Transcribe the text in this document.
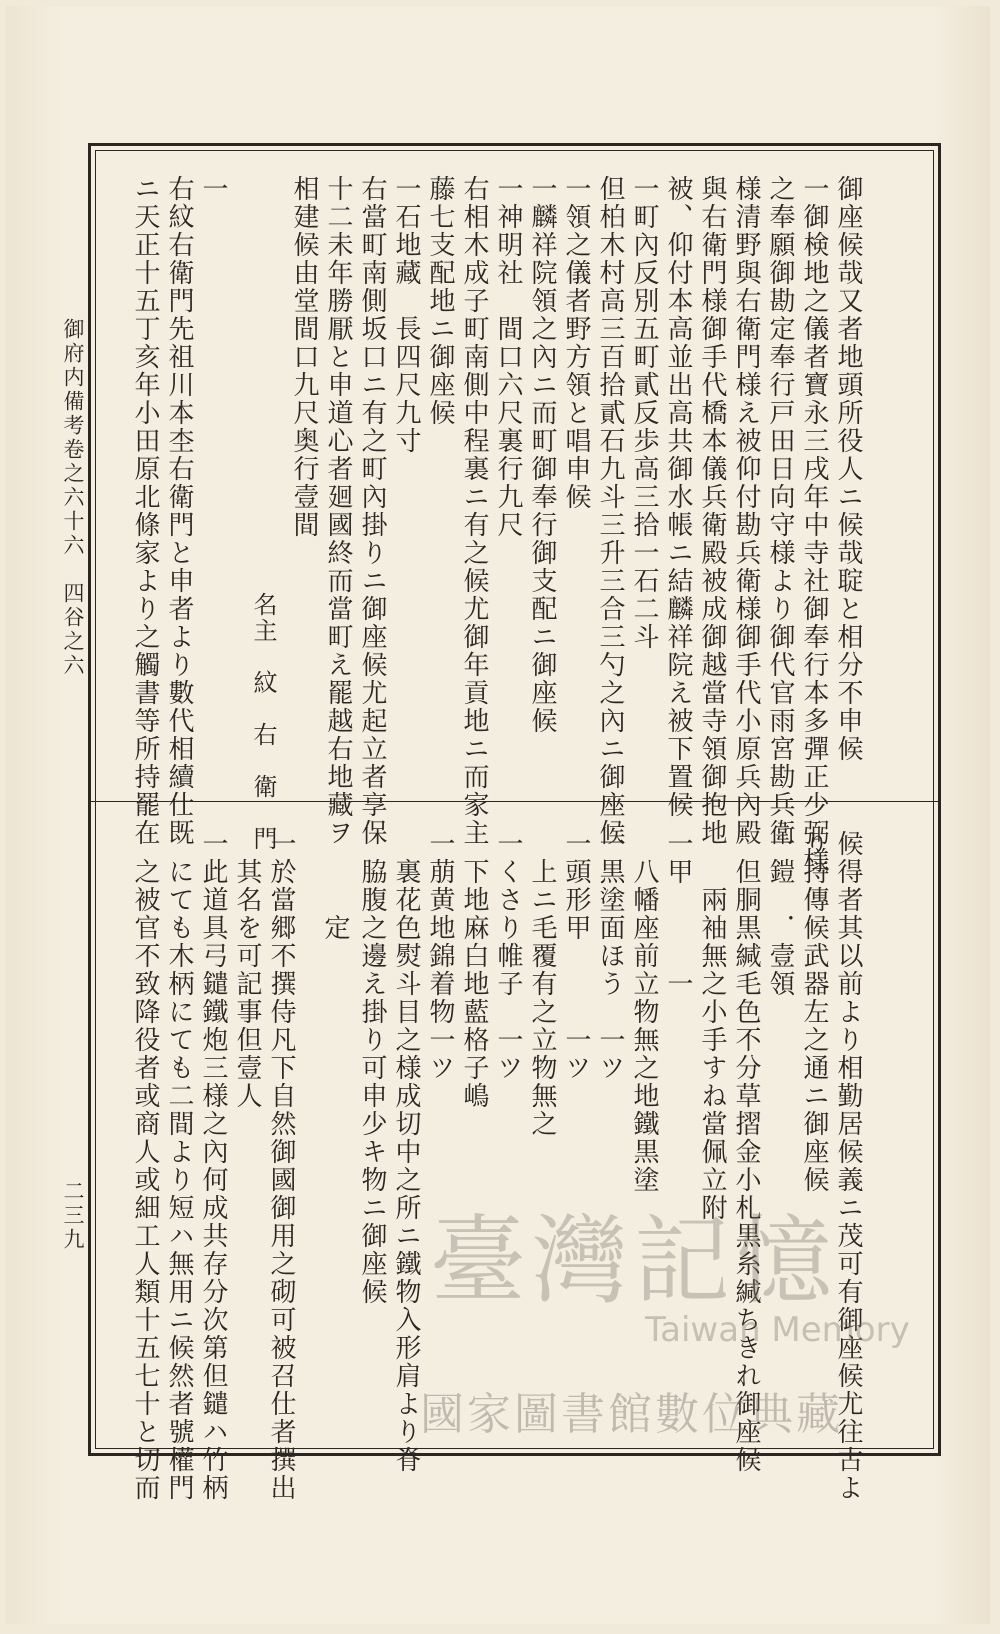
御座候哉又者地頭所役人ニ候哉聢と相分不申候
一御検地之儀者寶永三戌年中寺社御奉行本多彈正少弼様
之奉願御勘定奉行戸田日向守様より御代官雨宮勘兵衛
様清野與右衛門様え被仰付勘兵衛様御手代小原兵內殿
與右衛門様御手代橋本儀兵衛殿被成御越當寺領御抱地
被、仰付本高並出高共御水帳ニ結麟祥院え被下置候
一町內反別五町貳反歩高三拾一石二斗
但柏木村高三百拾貳石九斗三升三合三勺之內ニ御座候
一領之儀者野方領と唱申候
一麟祥院領之內ニ而町御奉行御支配ニ御座候
一神明社　間口六尺裏行九尺
右相木成子町南側中程裏ニ有之候尤御年貢地ニ而家主
藤七支配地ニ御座候
一石地藏　長四尺九寸
右當町南側坂口ニ有之町內掛りニ御座候尤起立者享保
十二未年勝厭と申道心者廻國終而當町え罷越右地藏ヲ
相建候由堂間口九尺奥行壹間
　　　　　　　名主　紋　右　衛　門
一
右紋右衛門先祖川本杢右衛門と申者より數代相續仕既
ニ天正十五丁亥年小田原北條家より之觸書等所持罷在
候得者其以前より相勤居候義ニ茂可有御座候尤往古よ
り持傳候武器左之通ニ御座候
一鎧　．壹領
　但胴黒緘毛色不分草摺金小札黒糸緘ちきれ御座候
　　兩袖無之小手すね當佩立附
一甲　　　一
　八幡座前立物無之地鐵黒塗
一黒塗面ほう　一ツ
一頭形甲　　　一ツ
　上ニ毛覆有之立物無之
一くさり帷子　一ツ
　下地麻白地藍格子嶋
一萠黄地錦着物一ツ
　裏花色熨斗目之様成切中之所ニ鐵物入形肩より脊
　脇腹之邊え掛り可申少キ物ニ御座候
　　　定
一於當郷不撰侍凡下自然御國御用之砌可被召仕者撰出
　其名を可記事但壹人
一此道具弓鑓鐵炮三様之內何成共存分次第但鑓ハ竹柄
　にても木柄にても二間より短ハ無用ニ候然者號權門
　之被官不致降役者或商人或細工人類十五七十と切而
御府内備考卷之六十六　四谷之六
二三九	臺灣記憶
Taiwan Memory
國家圖書館數位典藏
